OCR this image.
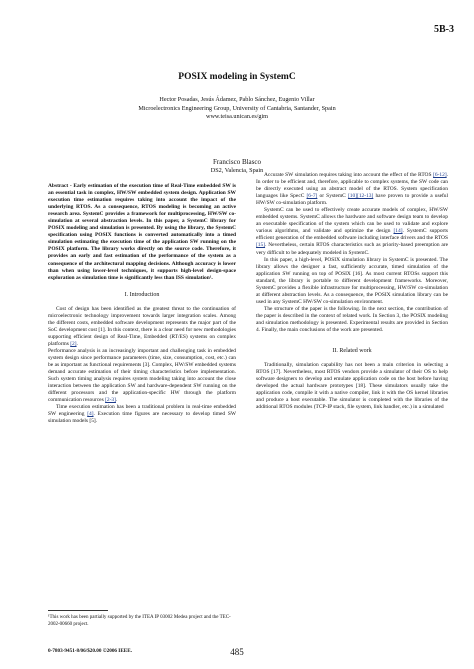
5B-3
POSIX modeling in SystemC
Hector Posadas, Jesús Ádamez, Pablo Sánchez, Eugenio Villar
Microelectronics Engineering Group, University of Cantabria, Santander, Spain
www.teisa.unican.es/gim
Francisco Blasco
DS2, Valencia, Spain
Abstract - Early estimation of the execution time of Real-Time embedded SW is an essential task in complex, HW/SW embedded system design. Application SW execution time estimation requires taking into account the impact of the underlying RTOS. As a consequence, RTOS modeling is becoming an active research area. SystemC provides a framework for multiprocessing, HW/SW co-simulation at several abstraction levels. In this paper, a SystemC library for POSIX modeling and simulation is presented. By using the library, the SystemC specification using POSIX functions is converted automatically into a timed simulation estimating the execution time of the application SW running on the POSIX platform. The library works directly on the source code. Therefore, it provides an early and fast estimation of the performance of the system as a consequence of the architectural mapping decisions. Although accuracy is lower than when using lower-level techniques, it supports high-level design-space exploration as simulation time is significantly less than ISS simulation¹.
I. Introduction

Cost of design has been identified as the greatest threat to the continuation of microelectronic technology improvement towards larger integration scales. Among the different costs, embedded software development represents the major part of the SoC development cost [1]. In this context, there is a clear need for new methodologies supporting efficient design of Real-Time, Embedded (RT/ES) systems on complex platforms [2].

Performance analysis is an increasingly important and challenging task in embedded system design since performance parameters (time, size, consumption, cost, etc.) can be as important as functional requirements [3]. Complex, HW/SW embedded systems demand accurate estimation of their timing characteristics before implementation. Such system timing analysis requires system modeling taking into account the close interaction between the application SW and hardware-dependent SW running on the different processors and the application-specific HW through the platform communication resources [2-3].

Time execution estimation has been a traditional problem in real-time embedded SW engineering [4]. Execution time figures are necessary to develop timed SW simulation models [5].

Accurate SW simulation requires taking into account the effect of the RTOS [6-12]. In order to be efficient and, therefore, applicable to complex systems, the SW code can be directly executed using an abstract model of the RTOS. System specification languages like SpecC [6-7] or SystemC [10][12-13] have proven to provide a useful HW/SW co-simulation platform.

SystemC can be used to effectively create accurate models of complex, HW/SW embedded systems. SystemC allows the hardware and software design team to develop an executable specification of the system which can be used to validate and explore various algorithms, and validate and optimize the design [14]. SystemC supports efficient generation of the embedded software including interface drivers and the RTOS [15]. Nevertheless, certain RTOS characteristics such as priority-based preemption are very difficult to be adequately modeled in SystemC.

In this paper, a high-level, POSIX simulation library in SystemC is presented. The library allows the designer a fast, sufficiently accurate, timed simulation of the application SW running on top of POSIX [16]. As most current RTOSs support this standard, the library is portable to different development frameworks. Moreover, SystemC provides a flexible infrastructure for multiprocessing, HW/SW co-simulation at different abstraction levels. As a consequence, the POSIX simulation library can be used in any SystemC HW/SW co-simulation environment.

The structure of the paper is the following. In the next section, the contribution of the paper is described in the context of related work. In Section 3, the POSIX modeling and simulation methodology is presented. Experimental results are provided in Section 4. Finally, the main conclusions of the work are presented.

II. Related work

Traditionally, simulation capability has not been a main criterion in selecting a RTOS [17]. Nevertheless, most RTOS vendors provide a simulator of their OS to help software designers to develop and emulate application code on the host before having developed the actual hardware prototypes [18]. These simulators usually take the application code, compile it with a native compiler, link it with the OS kernel libraries and produce a host executable. The simulator is completed with the libraries of the additional RTOS modules (TCP-IP stack, file system, link handler, etc.) in a simulated

¹This work has been partially supported by the ITEA IP 03002 Medea project and the TEC-2002-00660 project.
0-7803-9451-8/06/$20.00 ©2006 IEEE.	485
